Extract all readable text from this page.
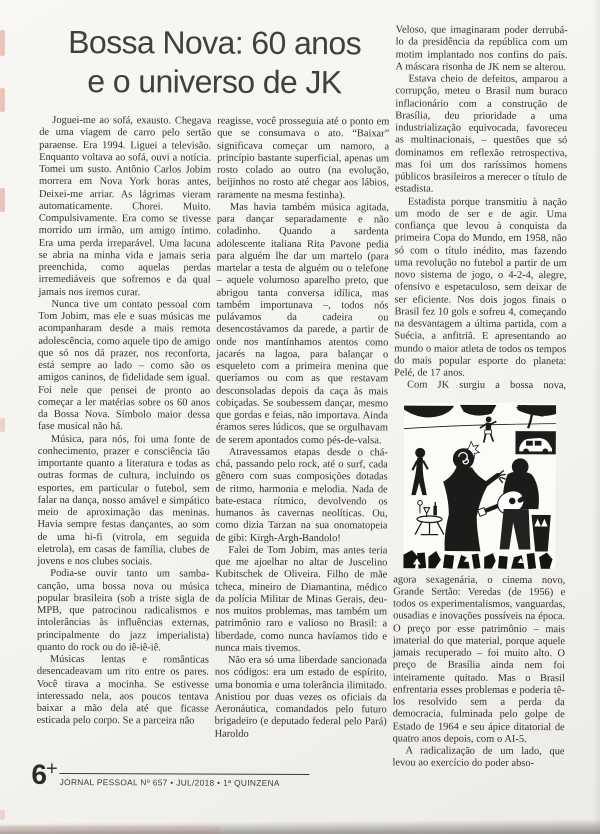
Bossa Nova: 60 anos
e o universo de JK

Joguei-me ao sofá, exausto. Chegava de uma viagem de carro pelo sertão paraense. Era 1994. Liguei a televisão. Enquanto voltava ao sofá, ouvi a notícia. Tomei um susto. Antônio Carlos Jobim morrera em Nova York horas antes, Deixei-me arriar. As lágrimas vieram automaticamente. Chorei. Muito. Compulsivamente. Era como se tivesse morrido um irmão, um amigo íntimo. Era uma perda irreparável. Uma lacuna se abria na minha vida e jamais seria preenchida, como aquelas perdas irremediáveis que sofremos e da qual jamais nos iremos curar.

Nunca tive um contato pessoal com Tom Jobim, mas ele e suas músicas me acompanharam desde a mais remota adolescência, como aquele tipo de amigo que só nos dá prazer, nos reconforta, está sempre ao lado – como são os amigos caninos, de fidelidade sem igual. Foi nele que pensei de pronto ao começar a ler matérias sobre os 60 anos da Bossa Nova. Símbolo maior dessa fase musical não há.

Música, para nós, foi uma fonte de conhecimento, prazer e consciência tão importante quanto a literatura e todas as outras formas de cultura, incluindo os esportes, em particular o futebol, sem falar na dança, nosso amável e simpático meio de aproximação das meninas. Havia sempre festas dançantes, ao som de uma hi-fi (vitrola, em seguida eletrola), em casas de família, clubes de jovens e nos clubes sociais.

Podia-se ouvir tanto um samba-canção, uma bossa nova ou música popular brasileira (sob a triste sigla de MPB, que patrocinou radicalismos e intolerâncias às influências externas, principalmente do jazz imperialista) quanto do rock ou do iê-iê-iê.

Músicas lentas e românticas desencadeavam um rito entre os pares. Você tirava a mocinha. Se estivesse interessado nela, aos poucos tentava baixar a mão dela até que ficasse esticada pelo corpo. Se a parceira não

reagisse, você prosseguia até o ponto em que se consumava o ato. “Baixar” significava começar um namoro, a princípio bastante superficial, apenas um rosto colado ao outro (na evolução, beijinhos no rosto até chegar aos lábios, raramente na mesma festinha).

Mas havia também música agitada, para dançar separadamente e não coladinho. Quando a sardenta adolescente italiana Rita Pavone pedia para alguém lhe dar um martelo (para martelar a testa de alguém ou o telefone – aquele volumoso aparelho preto, que abrigou tanta conversa idílica, mas também importunava –, todos nós pulávamos da cadeira ou desencostávamos da parede, a partir de onde nos mantínhamos atentos como jacarés na lagoa, para balançar o esqueleto com a primeira menina que queríamos ou com as que restavam desconsoladas depois da caça às mais cobiçadas. Se soubessem dançar, mesmo que gordas e feias, não importava. Ainda éramos seres lúdicos, que se orgulhavam de serem apontados como pés-de-valsa.

Atravessamos etapas desde o chá-chá, passando pelo rock, até o surf, cada gênero com suas composições dotadas de ritmo, harmonia e melodia. Nada de bate-estaca rítmico, devolvendo os humanos às cavernas neolíticas. Ou, como dizia Tarzan na sua onomatopeia de gibi: Kirgh-Argh-Bandolo!

Falei de Tom Jobim, mas antes teria que me ajoelhar no altar de Juscelino Kubitschek de Oliveira. Filho de mãe tcheca, mineiro de Diamantina, médico da polícia Militar de Minas Gerais, deu-nos muitos problemas, mas também um patrimônio raro e valioso no Brasil: a liberdade, como nunca havíamos tido e nunca mais tivemos.

Não era só uma liberdade sancionada nos códigos: era um estado de espírito, uma bonomia e uma tolerância ilimitado. Anistiou por duas vezes os oficiais da Aeronáutica, comandados pelo futuro brigadeiro (e deputado federal pelo Pará) Haroldo

Veloso, que imaginaram poder derrubá-lo da presidência da república com um motim implantado nos confins do país. A máscara risonha de JK nem se alterou.

Estava cheio de defeitos, amparou a corrupção, meteu o Brasil num buraco inflacionário com a construção de Brasília, deu prioridade a uma industrialização equivocada, favoreceu as multinacionais, – questões que só dominamos em reflexão retrospectiva, mas foi um dos raríssimos homens públicos brasileiros a merecer o título de estadista.

Estadista porque transmitiu à nação um modo de ser e de agir. Uma confiança que levou à conquista da primeira Copa do Mundo, em 1958, não só com o título inédito, mas fazendo uma revolução no futebol a partir de um novo sistema de jogo, o 4-2-4, alegre, ofensivo e espetaculoso, sem deixar de ser eficiente. Nos dois jogos finais o Brasil fez 10 gols e sofreu 4, começando na desvantagem a última partida, com a Suécia, a anfitriã. E apresentando ao mundo o maior atleta de todos os tempos do mais popular esporte do planeta: Pelé, de 17 anos.

Com JK surgiu a bossa nova,

agora sexagenária, o cinema novo, Grande Sertão: Veredas (de 1956) e todos os experimentalismos, vanguardas, ousadias e inovações possíveis na época. O preço por esse patrimônio – mais imaterial do que material, porque aquele jamais recuperado – foi muito alto. O preço de Brasília ainda nem foi inteiramente quitado. Mas o Brasil enfrentaria esses problemas e poderia tê-los resolvido sem a perda da democracia, fulminada pelo golpe de Estado de 1964 e seu ápice ditatorial de quatro anos depois, com o AI-5.

A radicalização de um lado, que levou ao exercício do poder abso-

6
+
JORNAL PESSOAL Nº 657 • JUL/2018 • 1ª QUINZENA
